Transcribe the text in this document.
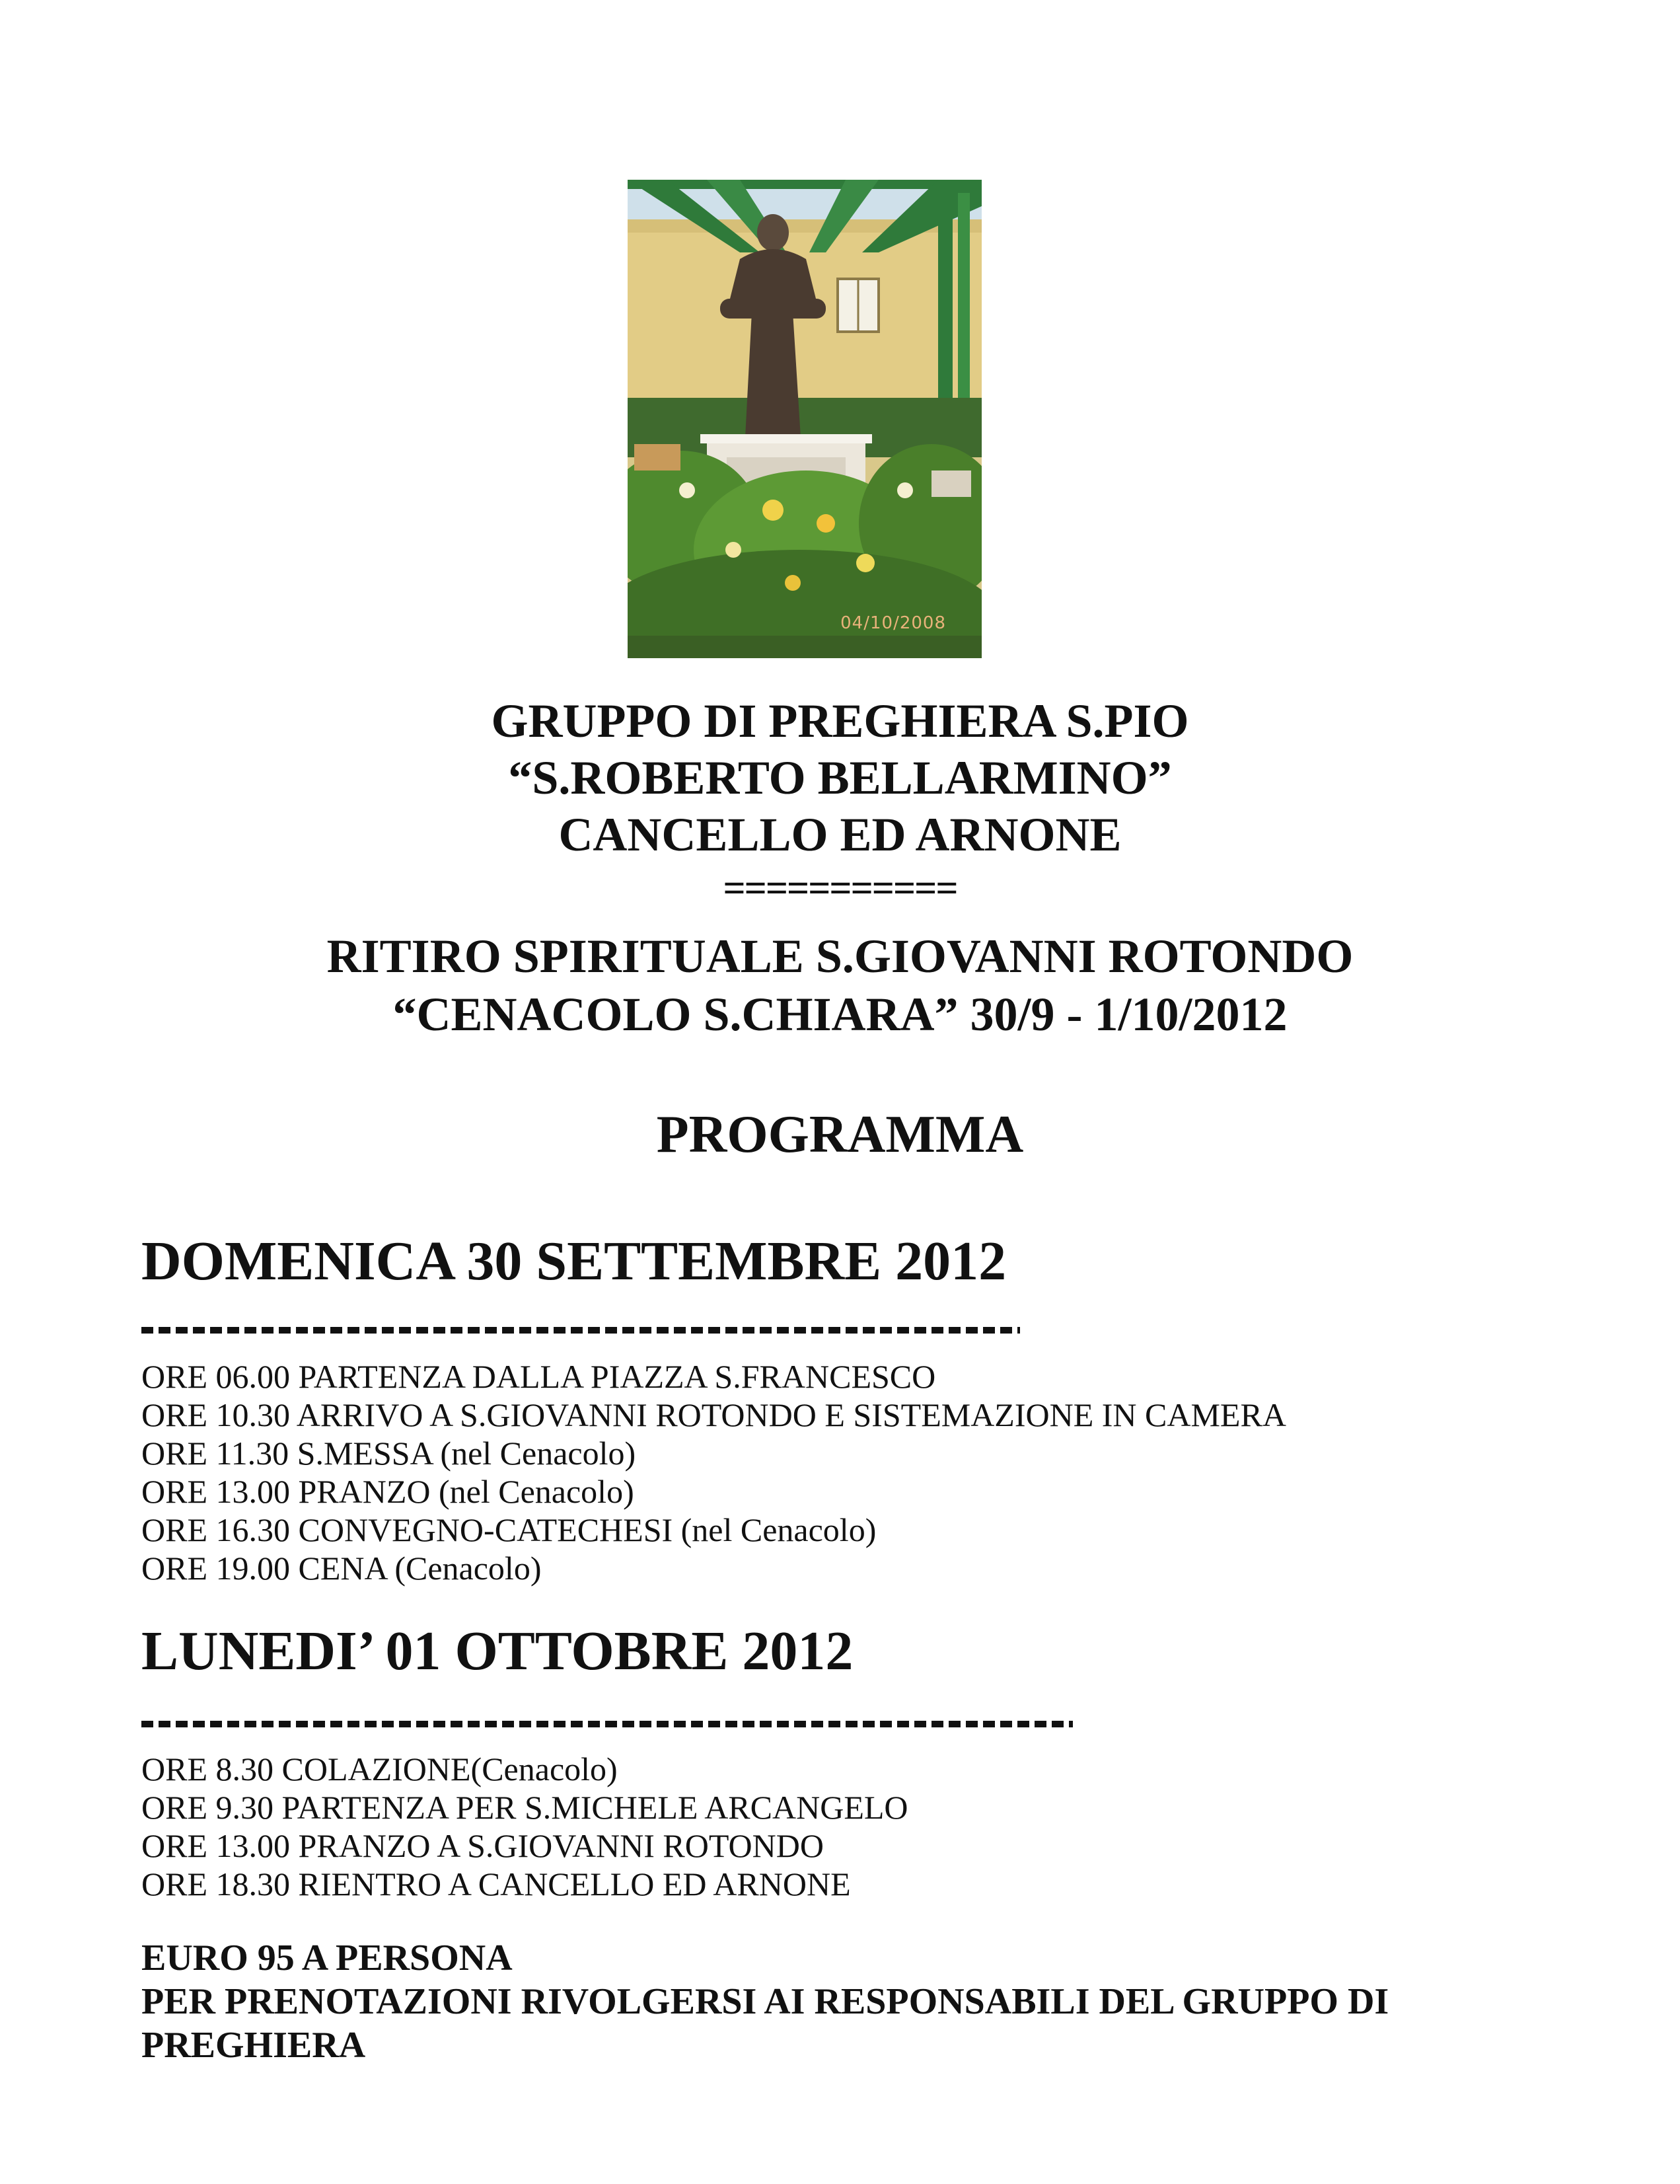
04/10/2008
GRUPPO DI PREGHIERA S.PIO
“S.ROBERTO BELLARMINO”
CANCELLO ED ARNONE
===========
RITIRO SPIRITUALE S.GIOVANNI ROTONDO
“CENACOLO S.CHIARA” 30/9 - 1/10/2012
PROGRAMMA
DOMENICA 30 SETTEMBRE 2012
ORE 06.00 PARTENZA DALLA PIAZZA S.FRANCESCO
ORE 10.30 ARRIVO A S.GIOVANNI ROTONDO E SISTEMAZIONE IN CAMERA
ORE 11.30 S.MESSA (nel Cenacolo)
ORE 13.00 PRANZO (nel Cenacolo)
ORE 16.30 CONVEGNO-CATECHESI (nel Cenacolo)
ORE 19.00 CENA (Cenacolo)
LUNEDI’ 01 OTTOBRE 2012
ORE 8.30 COLAZIONE(Cenacolo)
ORE 9.30 PARTENZA PER S.MICHELE ARCANGELO
ORE 13.00 PRANZO A S.GIOVANNI ROTONDO
ORE 18.30 RIENTRO A CANCELLO ED ARNONE
EURO 95 A PERSONA
PER PRENOTAZIONI RIVOLGERSI AI RESPONSABILI DEL GRUPPO DI
PREGHIERA
